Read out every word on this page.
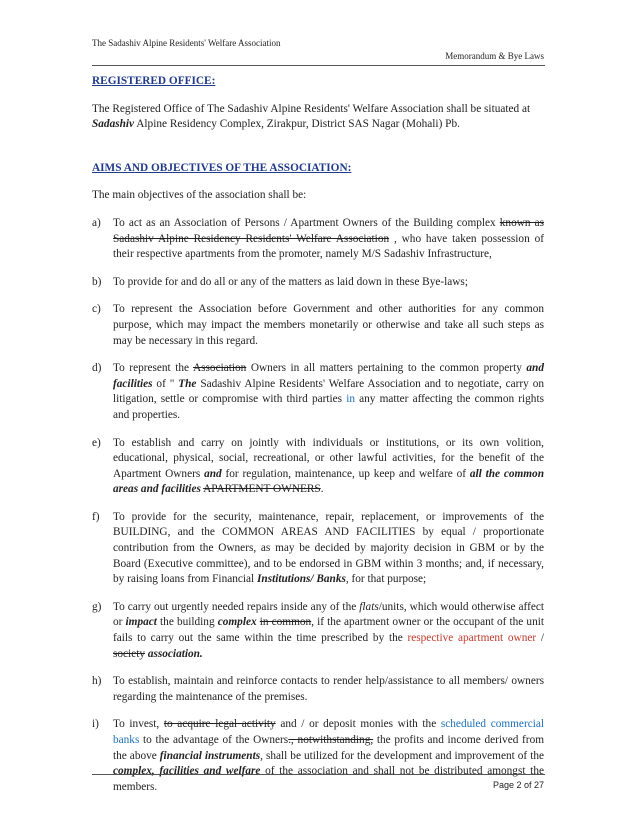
The Sadashiv Alpine Residents' Welfare Association
Memorandum & Bye Laws
REGISTERED OFFICE:

The Registered Office of The Sadashiv Alpine Residents' Welfare Association shall be situated at
Sadashiv Alpine Residency Complex, Zirakpur, District SAS Nagar (Mohali) Pb.

AIMS AND OBJECTIVES OF THE ASSOCIATION:

The main objectives of the association shall be:

a)	To act as an Association of Persons / Apartment Owners of the Building complex known as Sadashiv Alpine Residency Residents' Welfare Association , who have taken possession of their respective apartments from the promoter, namely M/S Sadashiv Infrastructure,
b)	To provide for and do all or any of the matters as laid down in these Bye-laws;
c)	To represent the Association before Government and other authorities for any common purpose, which may impact the members monetarily or otherwise and take all such steps as may be necessary in this regard.
d)	To represent the Association Owners in all matters pertaining to the common property and facilities of " The Sadashiv Alpine Residents' Welfare Association and to negotiate, carry on litigation, settle or compromise with third parties in any matter affecting the common rights and properties.
e)	To establish and carry on jointly with individuals or institutions, or its own volition, educational, physical, social, recreational, or other lawful activities, for the benefit of the Apartment Owners and for regulation, maintenance, up keep and welfare of all the common areas and facilities APARTMENT OWNERS.
f)	To provide for the security, maintenance, repair, replacement, or improvements of the BUILDING, and the COMMON AREAS AND FACILITIES by equal / proportionate contribution from the Owners, as may be decided by majority decision in GBM or by the Board (Executive committee), and to be endorsed in GBM within 3 months; and, if necessary, by raising loans from Financial Institutions/ Banks, for that purpose;
g)	To carry out urgently needed repairs inside any of the flats/units, which would otherwise affect or impact the building complex in common, if the apartment owner or the occupant of the unit fails to carry out the same within the time prescribed by the respective apartment owner / society association.
h)	To establish, maintain and reinforce contacts to render help/assistance to all members/ owners regarding the maintenance of the premises.
i)	To invest, to acquire legal activity and / or deposit monies with the scheduled commercial banks to the advantage of the Owners., notwithstanding, the profits and income derived from the above financial instruments, shall be utilized for the development and improvement of the complex, facilities and welfare of the association and shall not be distributed amongst the members.	Page 2 of 27
